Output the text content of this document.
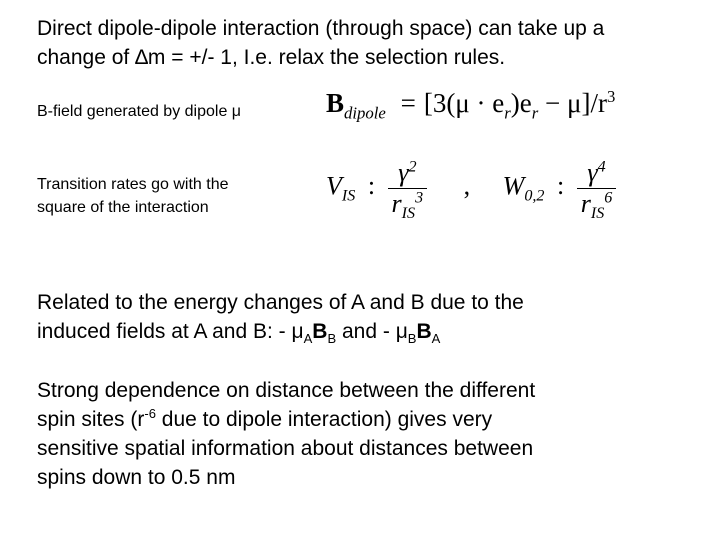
Direct dipole-dipole interaction (through space) can take up a
change of ∆m = +/- 1, I.e. relax the selection rules.
B-field generated by dipole μ	$B_{dipole} = [3(\mu \cdot e_r)e_r - \mu]/r^3$
Transition rates go with the
square of the interaction
$V_{IS}$ : $\frac{\gamma^2}{r_{IS}^3}$ , $W_{0,2}$ : $\frac{\gamma^4}{r_{IS}^6}$
Related to the energy changes of A and B due to the
induced fields at A and B: - $\mu_AB_B$ and - $\mu_BB_A$
Strong dependence on distance between the different
spin sites ($r^{-6}$ due to dipole interaction) gives very
sensitive spatial information about distances between
spins down to 0.5 nm
